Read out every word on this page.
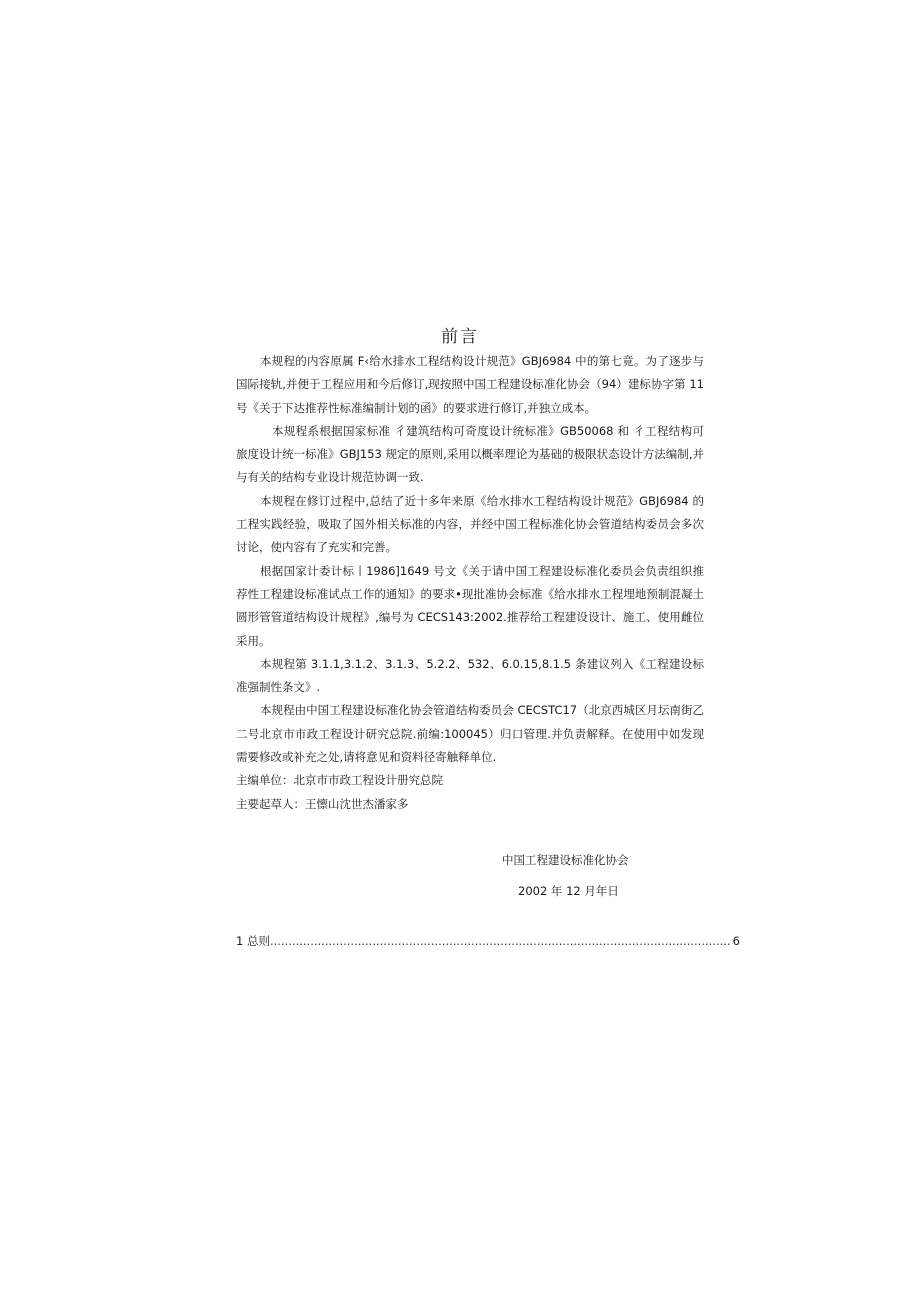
前言

本规程的内容原属 F‹给水排水工程结构设计规范》GBJ6984 中的第七竟。为了逐步与国际接轨,并便于工程应用和今后修订,现按照中国工程建设标准化协会（94）建标协字第 11 号《关于下达推荐性标准编制计划的函》的要求进行修订,并独立成本。

本规程系根据国家标准 彳建筑结构可奇度设计统标准》GB50068 和 彳工程结构可旅度设计统一标准》GBJ153 规定的原则,采用以概率理论为基础的极限状态设计方法编制,并与有关的结构专业设计规范协调一致.

本规程在修订过程中,总结了近十多年来原《给水排水工程结构设计规范》GBJ6984 的工程实践经验，吸取了国外相关标准的内容，并经中国工程标准化协会管道结构委员会多次讨论，使内容有了充实和完善。

根据国家计委计标丨1986]1649 号文《关于请中国工程建设标准化委员会负责组织推荐性工程建设标准试点工作的通知》的要求•现批准协会标准《给水排水工程埋地预制混凝土圆形管管道结构设计规程》,编号为 CECS143:2002.推荐给工程建设设计、施工、使用雌位采用。

本规程第 3.1.1,3.1.2、3.1.3、5.2.2、532、6.0.15,8.1.5 条建议列入《工程建设标准强制性条文》.

本规程由中国工程建设标准化协会管道结构委员会 CECSTC17（北京西城区月坛南街乙二号北京市市政工程设计研究总院.前编:100045）归口管理.并负责解释。在使用中如发现需要修改或补充之处,请将意见和资料径寄触释单位.

主编单位：北京市市政工程设计册究总院

主要起草人：王懔山沈世杰潘家多

中国工程建设标准化协会
2002 年 12 月年日
1 总 则 .............................................................................................................................. 6
